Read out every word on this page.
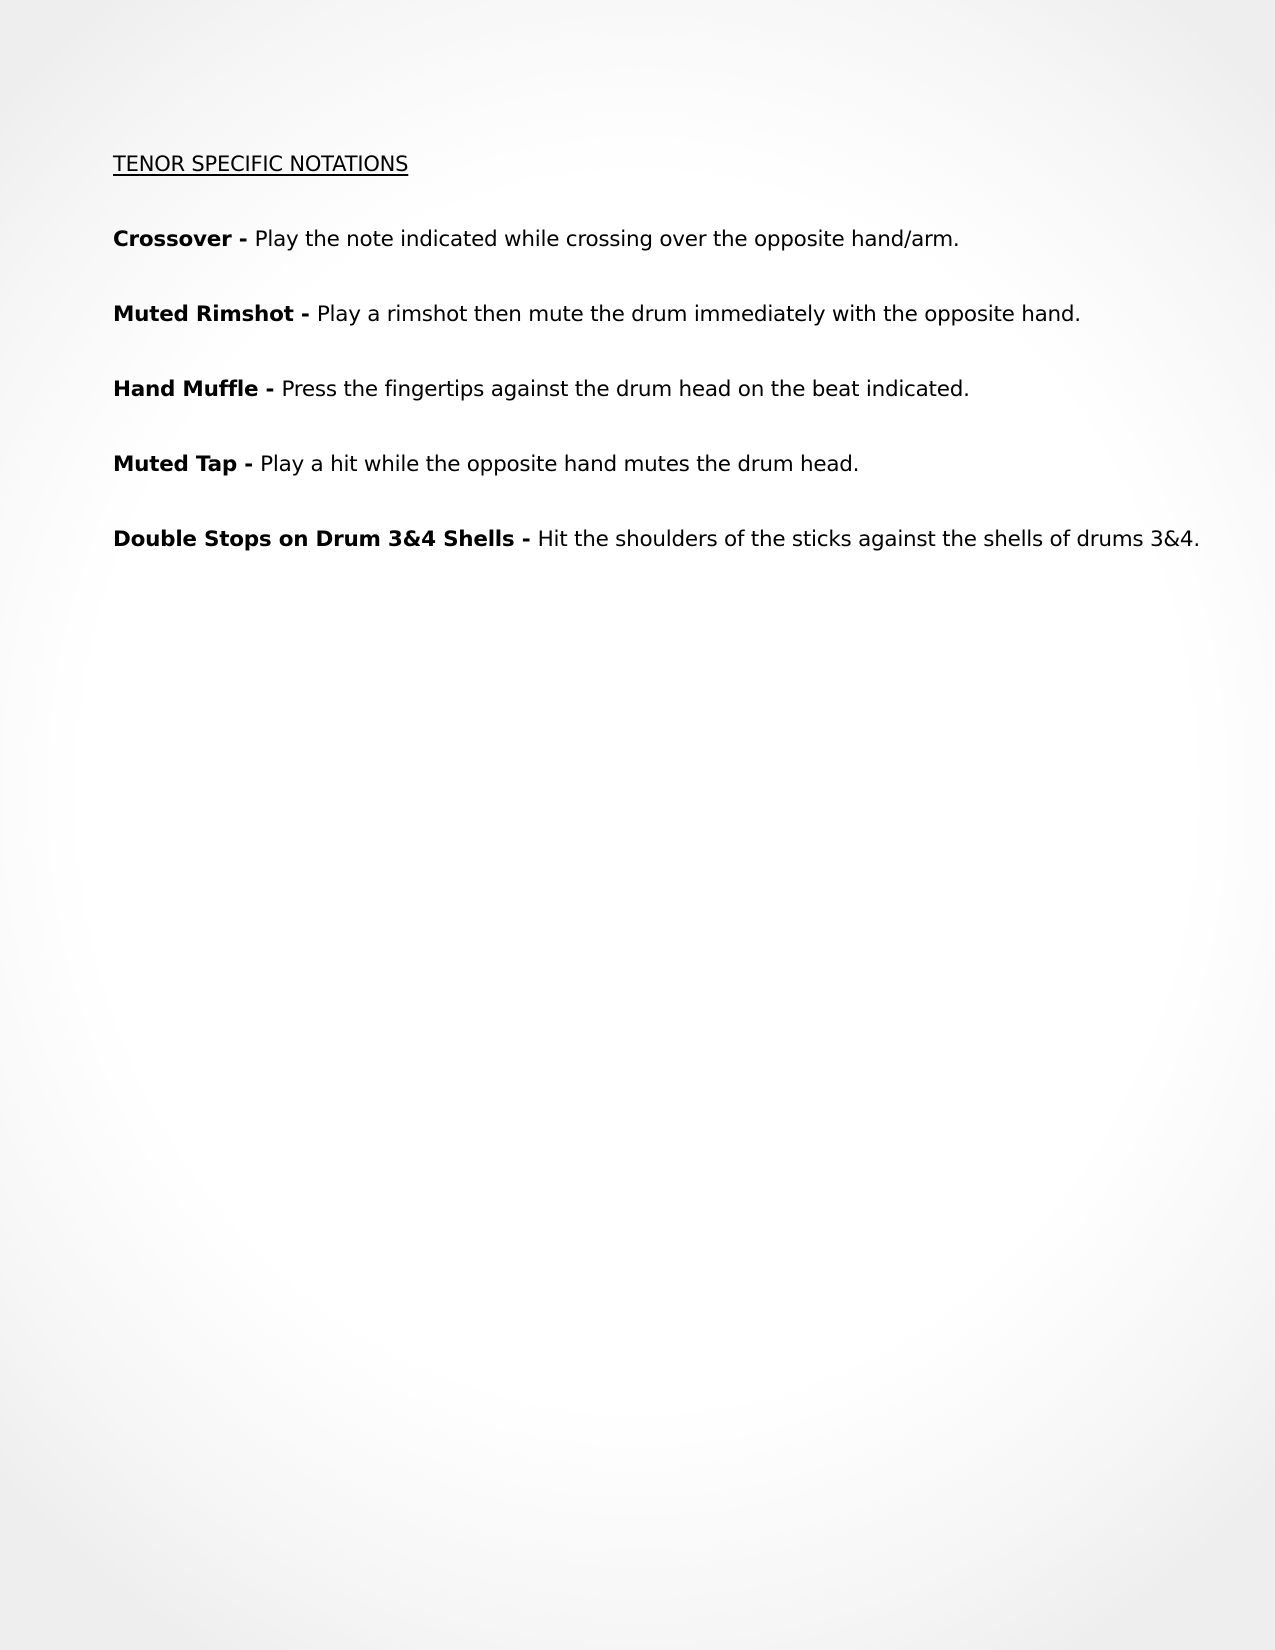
TENOR SPECIFIC NOTATIONS
Crossover - Play the note indicated while crossing over the opposite hand/arm.
Muted Rimshot - Play a rimshot then mute the drum immediately with the opposite hand.
Hand Muffle - Press the fingertips against the drum head on the beat indicated.
Muted Tap - Play a hit while the opposite hand mutes the drum head.
Double Stops on Drum 3&4 Shells - Hit the shoulders of the sticks against the shells of drums 3&4.
